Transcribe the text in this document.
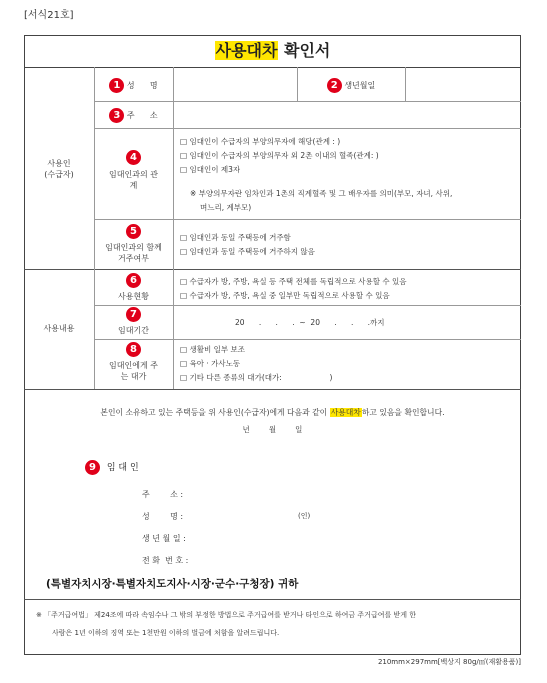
[서식21호]
사용대차 확인서
사용인
(수급자)
사용내용
1 성      명	2 생년월일
3 주      소
4
임대인과의 관계
□ 임대인이 수급자의 부양의무자에 해당(관계 : )
□ 임대인이 수급자의 부양의무자 외 2촌 이내의 혈족(관계: )
□ 임대인이 제3자
※ 부양의무자란 임차인과 1촌의 직계혈족 및 그 배우자를 의미(부모, 자녀, 사위,
며느리, 계부모)
5
임대인과의 함께 거주여부
□ 임대인과 동일 주택등에 거주함
□ 임대인과 동일 주택등에 거주하지 않음
6
사용현황
□ 수급자가 방, 주방, 욕실 등 주택 전체를 독립적으로 사용할 수 있음
□ 수급자가 방, 주방, 욕실 중 일부만 독립적으로 사용할 수 있음
7
임대기간
20      .      .      .  ~  20      .      .      .까지
8
임대인에게 주는 대가
□ 생활비 일부 보조
□ 육아 · 가사노동
□ 기타 다른 종류의 대가(대가:                    )
본인이 소유하고 있는 주택등을 위 사용인(수급자)에게 다음과 같이 사용대차하고 있음을 확인합니다.
년        월        일
9 임 대 인
주        소 :
성        명 :
생 년 월 일 :
전 화  번 호 :
(인)
(특별자치시장·특별자치도지사·시장·군수·구청장) 귀하
※ 「주거급여법」 제24조에 따라 속임수나 그 밖의 부정한 방법으로 주거급여를 받거나 타인으로 하여금 주거급여를 받게 한
사람은 1년 이하의 징역 또는 1천만원 이하의 벌금에 처함을 알려드립니다.
210mm×297mm[백상지 80g/㎡(재활용품)]
